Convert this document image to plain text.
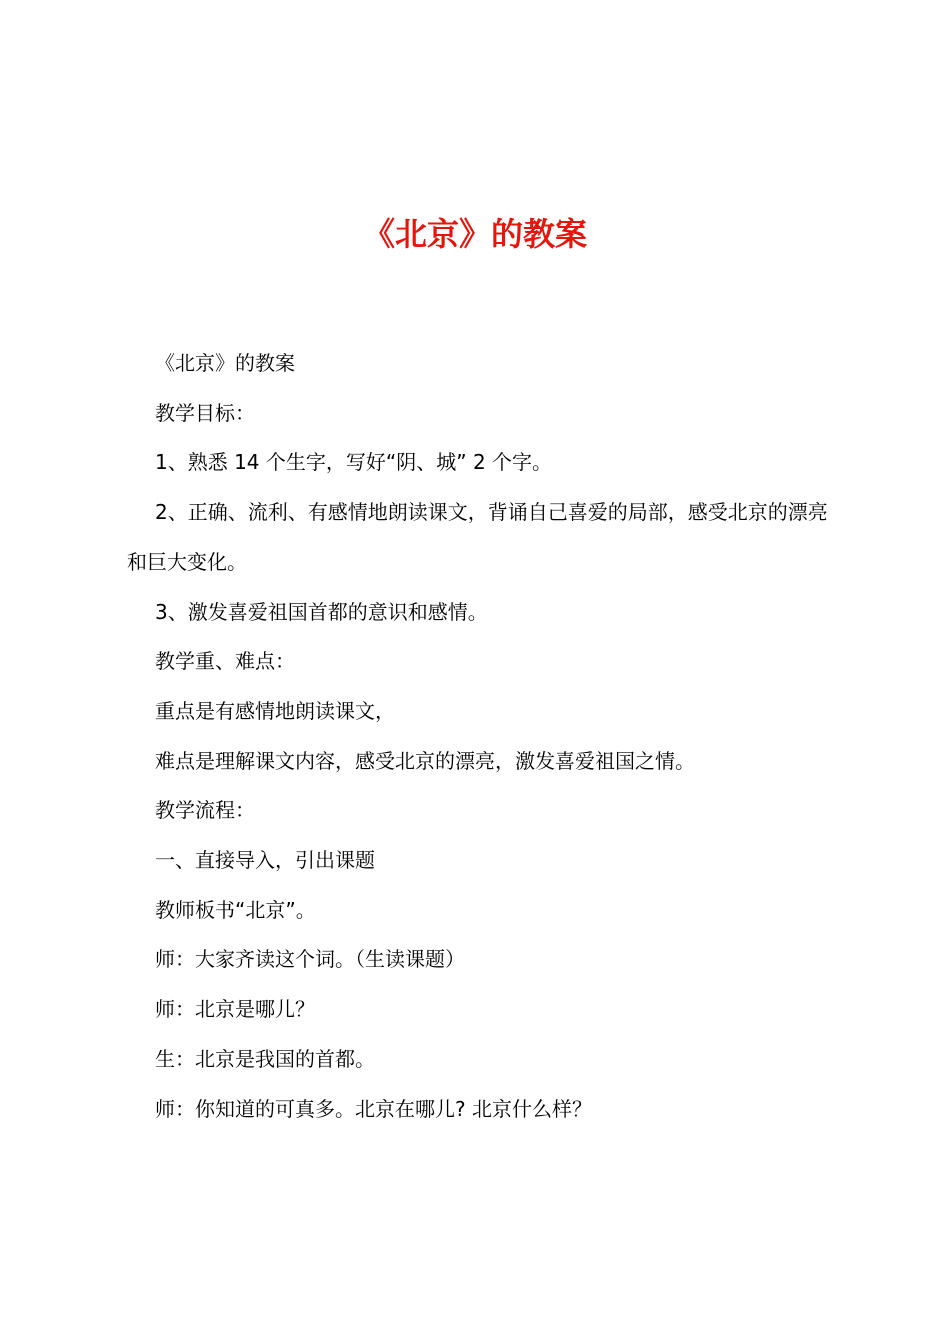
《北京》的教案

《北京》的教案

教学目标：

1、熟悉 14 个生字，写好“阴、城” 2 个字。

2、正确、流利、有感情地朗读课文，背诵自己喜爱的局部，感受北京的漂亮和巨大变化。

3、激发喜爱祖国首都的意识和感情。

教学重、难点：

重点是有感情地朗读课文，

难点是理解课文内容，感受北京的漂亮，激发喜爱祖国之情。

教学流程：

一、直接导入，引出课题

教师板书“北京”。

师：大家齐读这个词。（生读课题）

师：北京是哪儿？

生：北京是我国的首都。

师：你知道的可真多。北京在哪儿? 北京什么样？
